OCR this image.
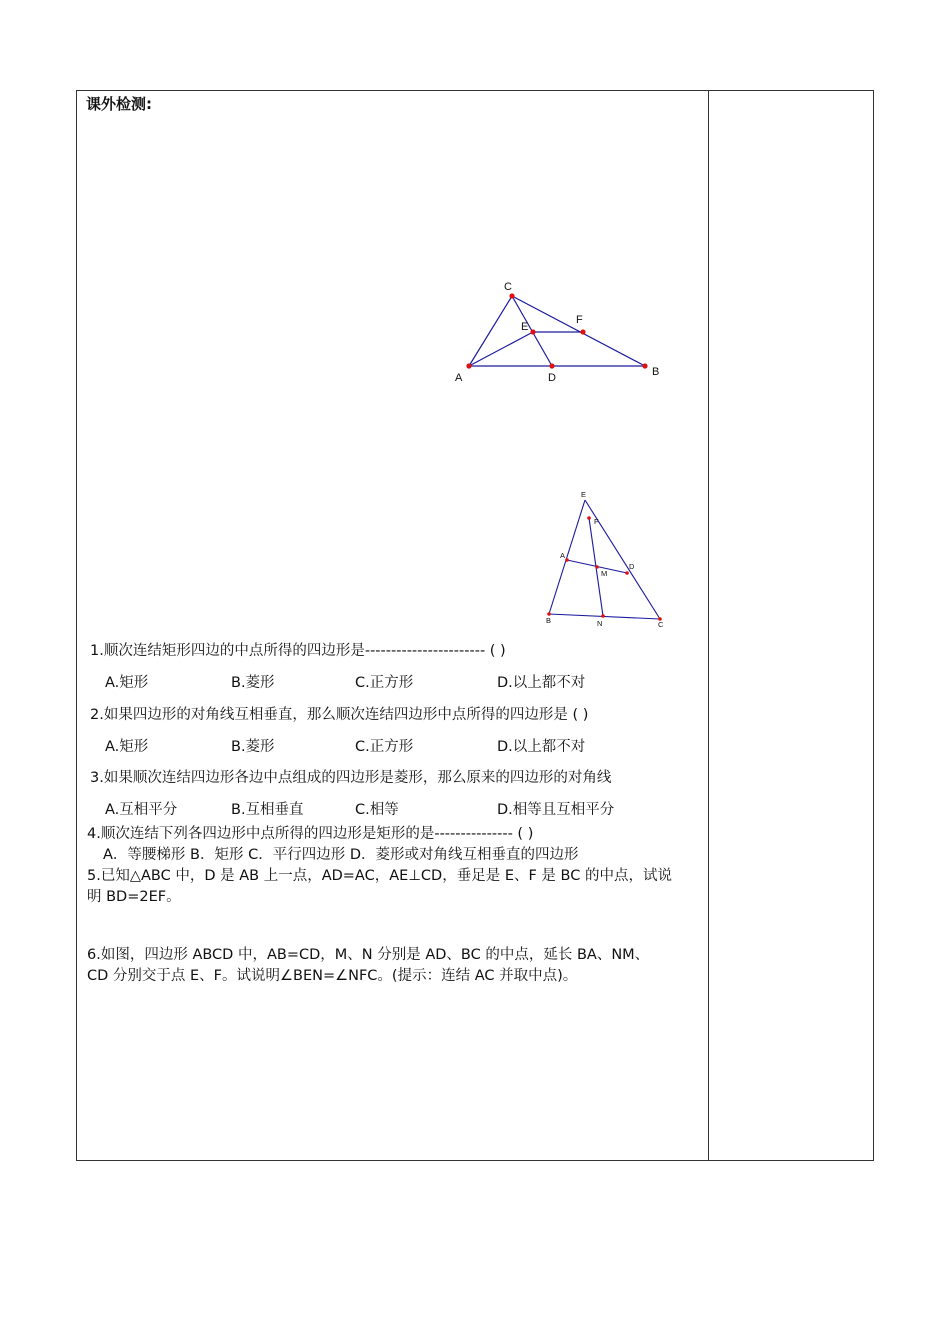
课外检测:
C
E
F
A	D	B
E
F
A
M
D
B	N	C
1.顺次连结矩形四边的中点所得的四边形是----------------------- ( )
A.矩形	B.菱形	C.正方形	D.以上都不对
2.如果四边形的对角线互相垂直，那么顺次连结四边形中点所得的四边形是 ( )
A.矩形	B.菱形	C.正方形	D.以上都不对
3.如果顺次连结四边形各边中点组成的四边形是菱形，那么原来的四边形的对角线
A.互相平分	B.互相垂直	C.相等	D.相等且互相平分
4.顺次连结下列各四边形中点所得的四边形是矩形的是--------------- ( )
A．等腰梯形 B．矩形 C．平行四边形 D．菱形或对角线互相垂直的四边形
5.已知△ABC 中，D 是 AB 上一点，AD=AC，AE⊥CD，垂足是 E、F 是 BC 的中点，试说
明 BD=2EF。
6.如图，四边形 ABCD 中，AB=CD，M、N 分别是 AD、BC 的中点，延长 BA、NM、
CD 分别交于点 E、F。试说明∠BEN=∠NFC。(提示：连结 AC 并取中点)。
